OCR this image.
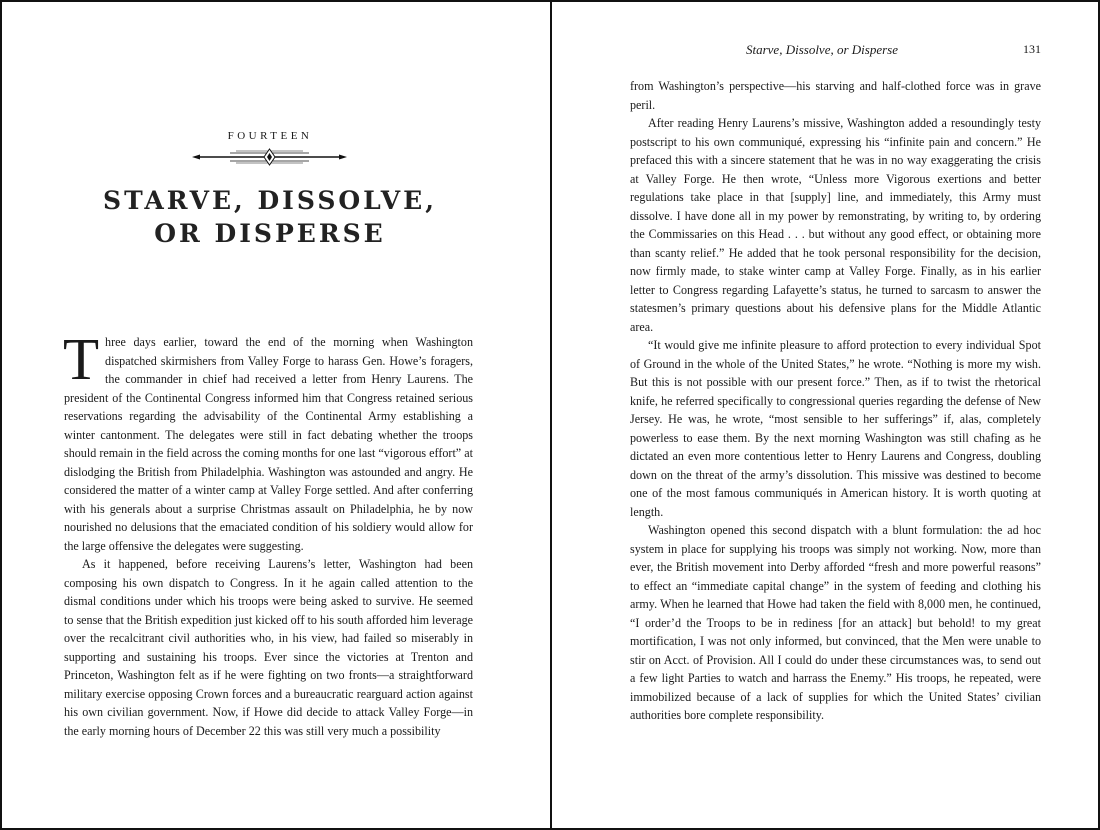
FOURTEEN
STARVE, DISSOLVE,
OR DISPERSE

Three days earlier, toward the end of the morning when Washington dispatched skirmishers from Valley Forge to harass Gen. Howe’s foragers, the commander in chief had received a letter from Henry Laurens. The president of the Continental Congress informed him that Congress retained serious reservations regarding the advisability of the Continental Army establishing a winter cantonment. The delegates were still in fact debating whether the troops should remain in the field across the coming months for one last “vigorous effort” at dislodging the British from Philadelphia. Washington was astounded and angry. He considered the matter of a winter camp at Valley Forge settled. And after conferring with his generals about a surprise Christmas assault on Philadelphia, he by now nourished no delusions that the emaciated condition of his soldiery would allow for the large offensive the delegates were suggesting.

As it happened, before receiving Laurens’s letter, Washington had been composing his own dispatch to Congress. In it he again called attention to the dismal conditions under which his troops were being asked to survive. He seemed to sense that the British expedition just kicked off to his south afforded him leverage over the recalcitrant civil authorities who, in his view, had failed so miserably in supporting and sustaining his troops. Ever since the victories at Trenton and Princeton, Washington felt as if he were fighting on two fronts—a straightforward military exercise opposing Crown forces and a bureaucratic rearguard action against his own civilian government. Now, if Howe did decide to attack Valley Forge—in the early morning hours of December 22 this was still very much a possibility

Starve, Dissolve, or Disperse	131

from Washington’s perspective—his starving and half-clothed force was in grave peril.

After reading Henry Laurens’s missive, Washington added a resoundingly testy postscript to his own communiqué, expressing his “infinite pain and concern.” He prefaced this with a sincere statement that he was in no way exaggerating the crisis at Valley Forge. He then wrote, “Unless more Vigorous exertions and better regulations take place in that [supply] line, and immediately, this Army must dissolve. I have done all in my power by remonstrating, by writing to, by ordering the Commissaries on this Head . . . but without any good effect, or obtaining more than scanty relief.” He added that he took personal responsibility for the decision, now firmly made, to stake winter camp at Valley Forge. Finally, as in his earlier letter to Congress regarding Lafayette’s status, he turned to sarcasm to answer the statesmen’s primary questions about his defensive plans for the Middle Atlantic area.

“It would give me infinite pleasure to afford protection to every individual Spot of Ground in the whole of the United States,” he wrote. “Nothing is more my wish. But this is not possible with our present force.” Then, as if to twist the rhetorical knife, he referred specifically to congressional queries regarding the defense of New Jersey. He was, he wrote, “most sensible to her sufferings” if, alas, completely powerless to ease them. By the next morning Washington was still chafing as he dictated an even more contentious letter to Henry Laurens and Congress, doubling down on the threat of the army’s dissolution. This missive was destined to become one of the most famous communiqués in American history. It is worth quoting at length.

Washington opened this second dispatch with a blunt formulation: the ad hoc system in place for supplying his troops was simply not working. Now, more than ever, the British movement into Derby afforded “fresh and more powerful reasons” to effect an “immediate capital change” in the system of feeding and clothing his army. When he learned that Howe had taken the field with 8,000 men, he continued, “I order’d the Troops to be in rediness [for an attack] but behold! to my great mortification, I was not only informed, but convinced, that the Men were unable to stir on Acct. of Provision. All I could do under these circumstances was, to send out a few light Parties to watch and harrass the Enemy.” His troops, he repeated, were immobilized because of a lack of supplies for which the United States’ civilian authorities bore complete responsibility.
